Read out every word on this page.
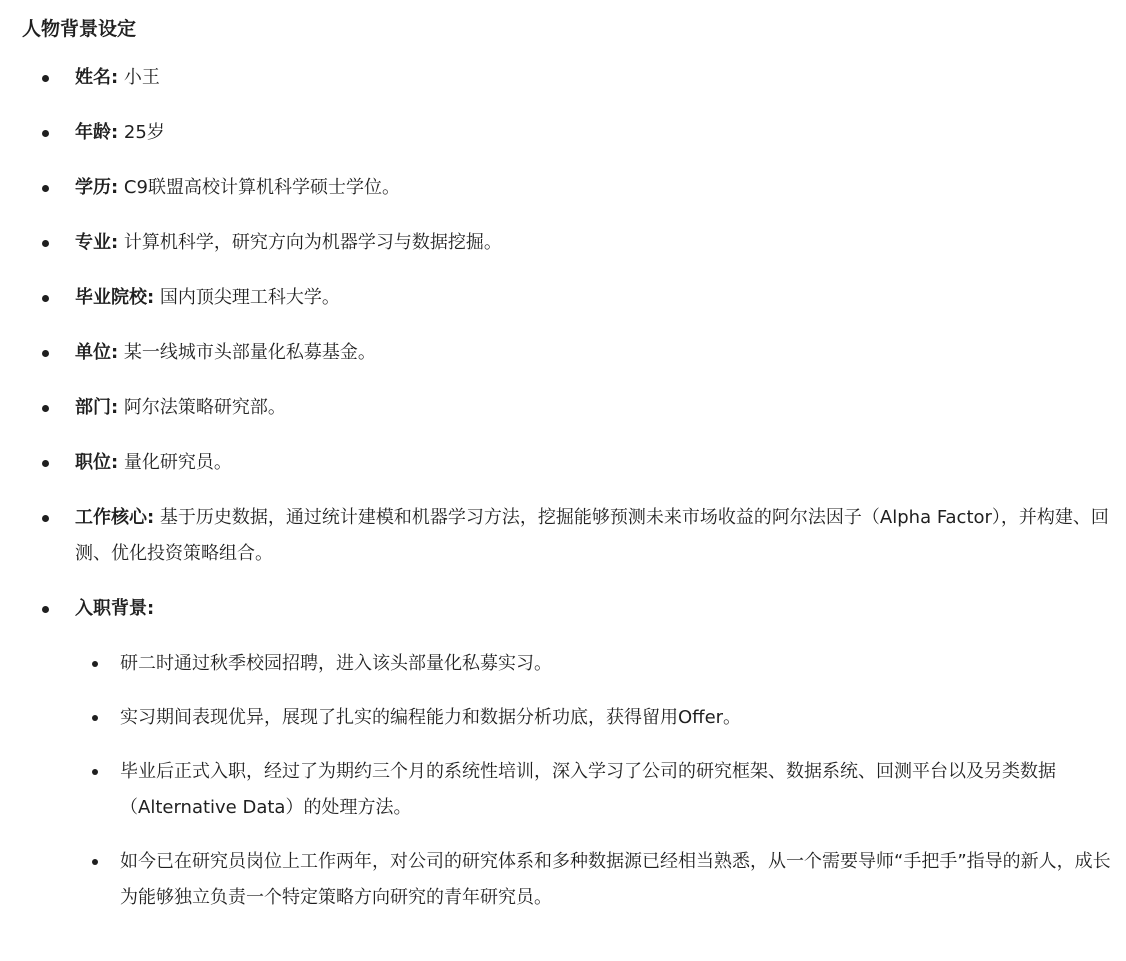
人物背景设定
姓名: 小王
年龄: 25岁
学历: C9联盟高校计算机科学硕士学位。
专业: 计算机科学，研究方向为机器学习与数据挖掘。
毕业院校: 国内顶尖理工科大学。
单位: 某一线城市头部量化私募基金。
部门: 阿尔法策略研究部。
职位: 量化研究员。
工作核心: 基于历史数据，通过统计建模和机器学习方法，挖掘能够预测未来市场收益的阿尔法因子（Alpha Factor），并构建、回测、优化投资策略组合。
入职背景:
研二时通过秋季校园招聘，进入该头部量化私募实习。
实习期间表现优异，展现了扎实的编程能力和数据分析功底，获得留用Offer。
毕业后正式入职，经过了为期约三个月的系统性培训，深入学习了公司的研究框架、数据系统、回测平台以及另类数据（Alternative Data）的处理方法。
如今已在研究员岗位上工作两年，对公司的研究体系和多种数据源已经相当熟悉，从一个需要导师“手把手”指导的新人，成长为能够独立负责一个特定策略方向研究的青年研究员。
